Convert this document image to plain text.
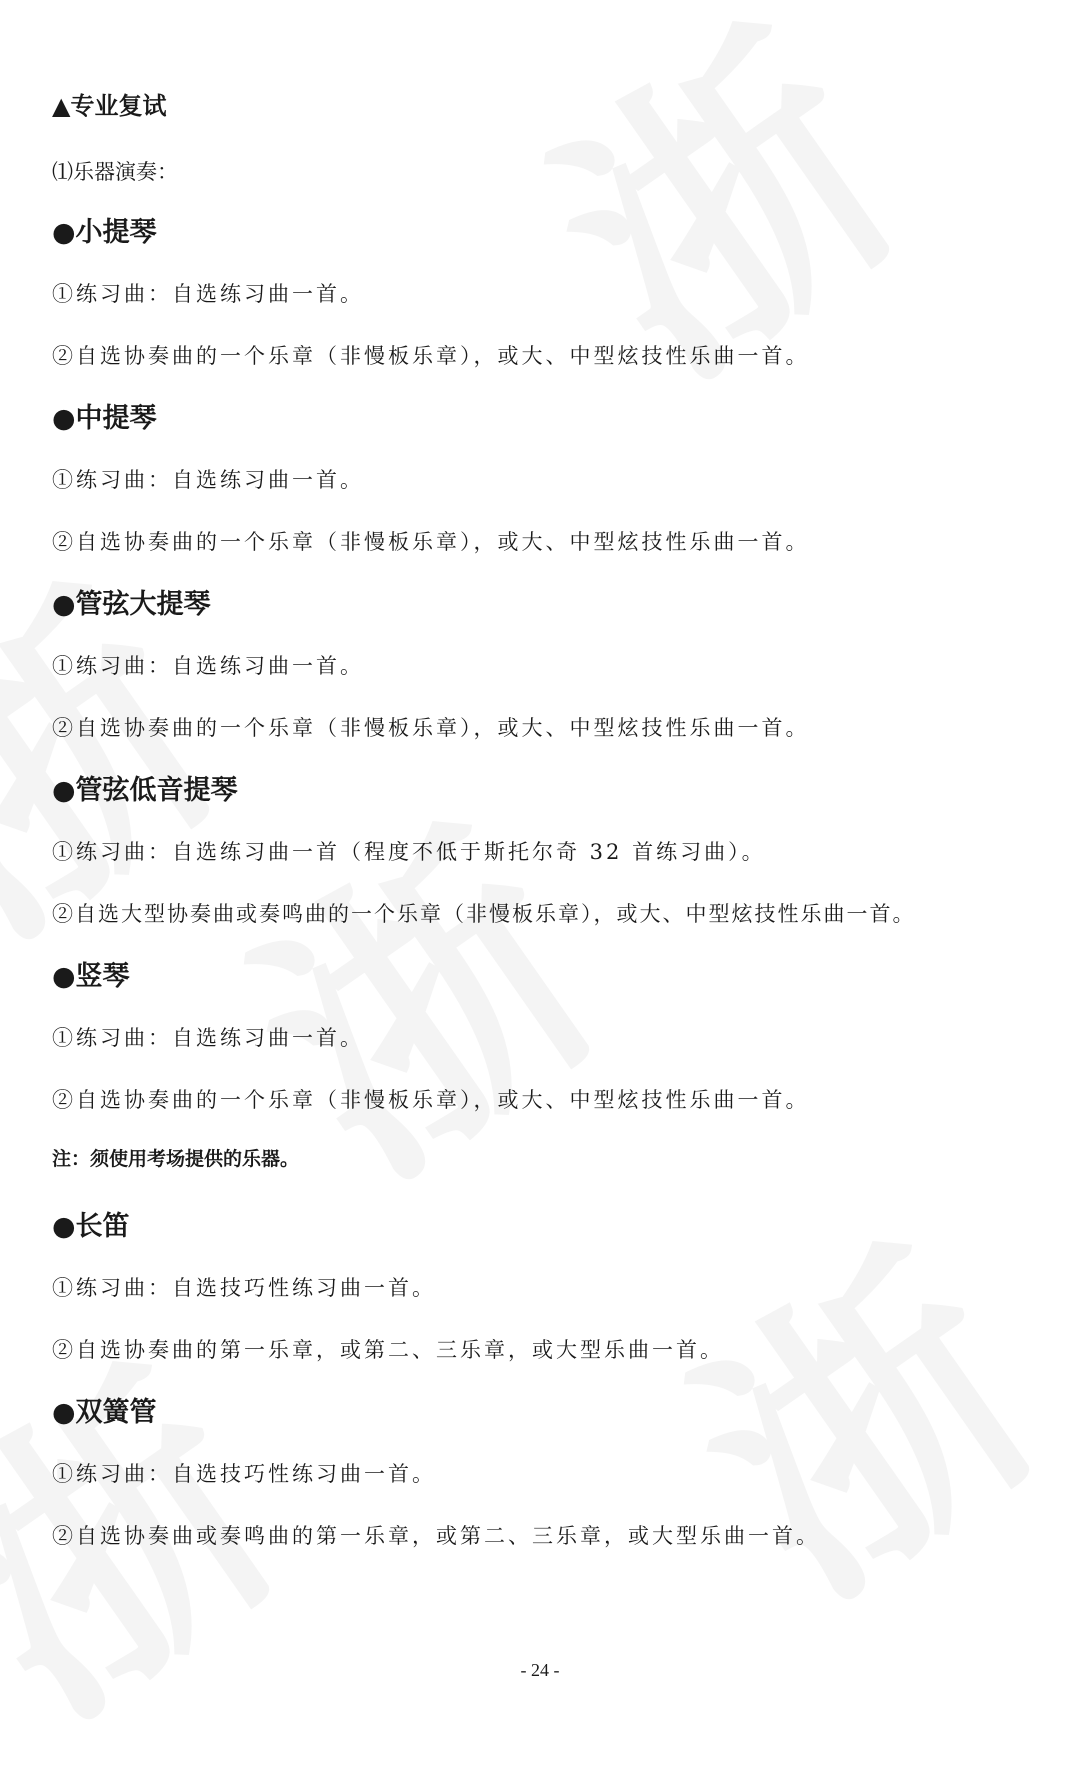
▲专业复试
⑴乐器演奏：
●小提琴
①练习曲：自选练习曲一首。
②自选协奏曲的一个乐章（非慢板乐章），或大、中型炫技性乐曲一首。
●中提琴
①练习曲：自选练习曲一首。
②自选协奏曲的一个乐章（非慢板乐章），或大、中型炫技性乐曲一首。
●管弦大提琴
①练习曲：自选练习曲一首。
②自选协奏曲的一个乐章（非慢板乐章），或大、中型炫技性乐曲一首。
●管弦低音提琴
①练习曲：自选练习曲一首（程度不低于斯托尔奇 32 首练习曲）。
②自选大型协奏曲或奏鸣曲的一个乐章（非慢板乐章），或大、中型炫技性乐曲一首。
●竖琴
①练习曲：自选练习曲一首。
②自选协奏曲的一个乐章（非慢板乐章），或大、中型炫技性乐曲一首。
注：须使用考场提供的乐器。
●长笛
①练习曲：自选技巧性练习曲一首。
②自选协奏曲的第一乐章，或第二、三乐章，或大型乐曲一首。
●双簧管
①练习曲：自选技巧性练习曲一首。
②自选协奏曲或奏鸣曲的第一乐章，或第二、三乐章，或大型乐曲一首。
- 24 -
